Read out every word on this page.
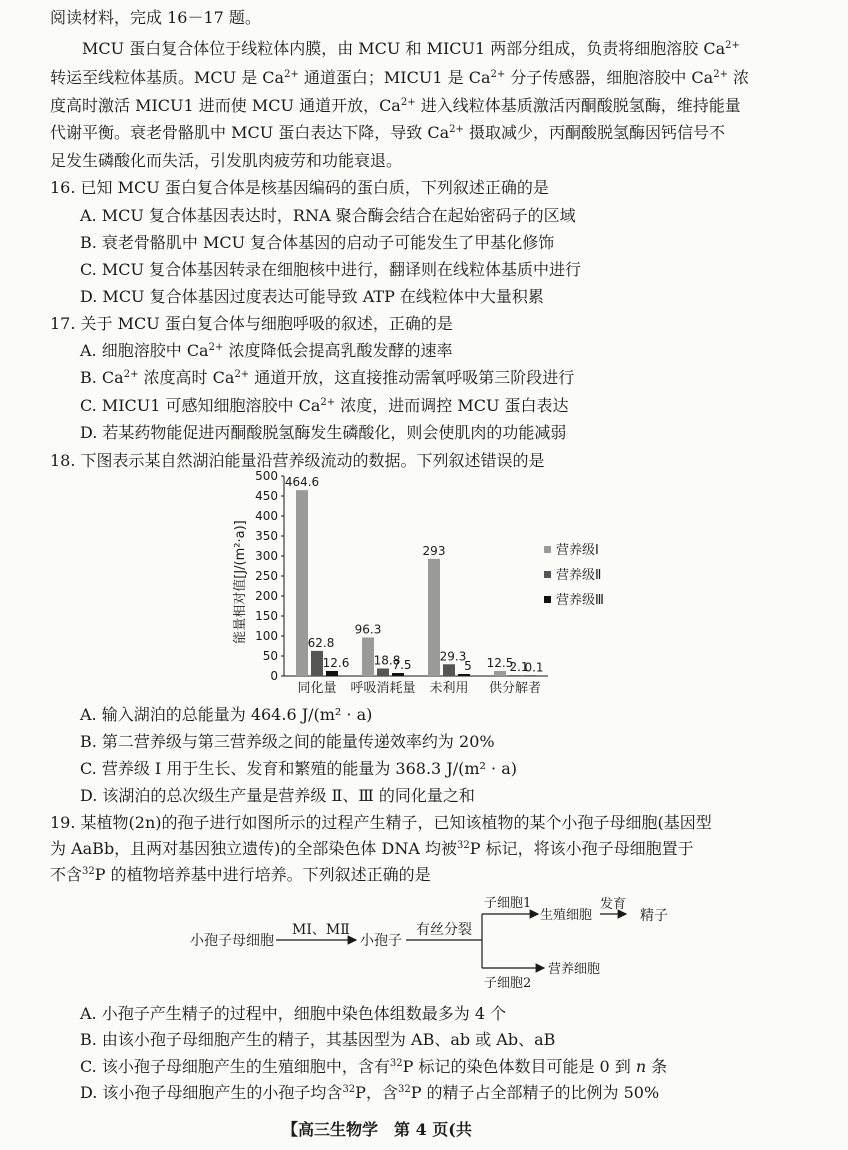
阅读材料，完成 16－17 题。
MCU 蛋白复合体位于线粒体内膜，由 MCU 和 MICU1 两部分组成，负责将细胞溶胶 $Ca^{2+}$
转运至线粒体基质。MCU 是 $Ca^{2+}$ 通道蛋白；MICU1 是 $Ca^{2+}$ 分子传感器，细胞溶胶中 $Ca^{2+}$ 浓
度高时激活 MICU1 进而使 MCU 通道开放，$Ca^{2+}$ 进入线粒体基质激活丙酮酸脱氢酶，维持能量
代谢平衡。衰老骨骼肌中 MCU 蛋白表达下降，导致 $Ca^{2+}$ 摄取减少，丙酮酸脱氢酶因钙信号不
足发生磷酸化而失活，引发肌肉疲劳和功能衰退。
16. 已知 MCU 蛋白复合体是核基因编码的蛋白质，下列叙述正确的是
A. MCU 复合体基因表达时，RNA 聚合酶会结合在起始密码子的区域
B. 衰老骨骼肌中 MCU 复合体基因的启动子可能发生了甲基化修饰
C. MCU 复合体基因转录在细胞核中进行，翻译则在线粒体基质中进行
D. MCU 复合体基因过度表达可能导致 ATP 在线粒体中大量积累
17. 关于 MCU 蛋白复合体与细胞呼吸的叙述，正确的是
A. 细胞溶胶中 $Ca^{2+}$ 浓度降低会提高乳酸发酵的速率
B. $Ca^{2+}$ 浓度高时 $Ca^{2+}$ 通道开放，这直接推动需氧呼吸第三阶段进行
C. MICU1 可感知细胞溶胶中 $Ca^{2+}$ 浓度，进而调控 MCU 蛋白表达
D. 若某药物能促进丙酮酸脱氢酶发生磷酸化，则会使肌肉的功能减弱
18. 下图表示某自然湖泊能量沿营养级流动的数据。下列叙述错误的是
能量相对值[J/(m²·a)]
0
50
100
150
200
250
300
350
400
450
500 464.6
62.8
12.6
同化量
96.3
18.8
7.5
呼吸消耗量
293
29.3
5
未利用
12.5
2.1
0.1
供分解者
营养级Ⅰ
营养级Ⅱ
营养级Ⅲ
A. 输入湖泊的总能量为 464.6 J/(m² · a)
B. 第二营养级与第三营养级之间的能量传递效率约为 20%
C. 营养级 Ⅰ 用于生长、发育和繁殖的能量为 368.3 J/(m² · a)
D. 该湖泊的总次级生产量是营养级 Ⅱ、Ⅲ 的同化量之和
19. 某植物(2n)的孢子进行如图所示的过程产生精子，已知该植物的某个小孢子母细胞(基因型
为 AaBb，且两对基因独立遗传)的全部染色体 DNA 均被$^{32}$P 标记，将该小孢子母细胞置于
不含$^{32}$P 的植物培养基中进行培养。下列叙述正确的是
小孢子母细胞
MⅠ、MⅡ
小孢子
有丝分裂
子细胞1
生殖细胞
发育
子细胞2
营养细胞
精子
A. 小孢子产生精子的过程中，细胞中染色体组数最多为 4 个
B. 由该小孢子母细胞产生的精子，其基因型为 AB、ab 或 Ab、aB
C. 该小孢子母细胞产生的生殖细胞中，含有$^{32}$P 标记的染色体数目可能是 0 到 n 条
D. 该小孢子母细胞产生的小孢子均含$^{32}$P，含$^{32}$P 的精子占全部精子的比例为 50%
【高三生物学　第 4 页(共
